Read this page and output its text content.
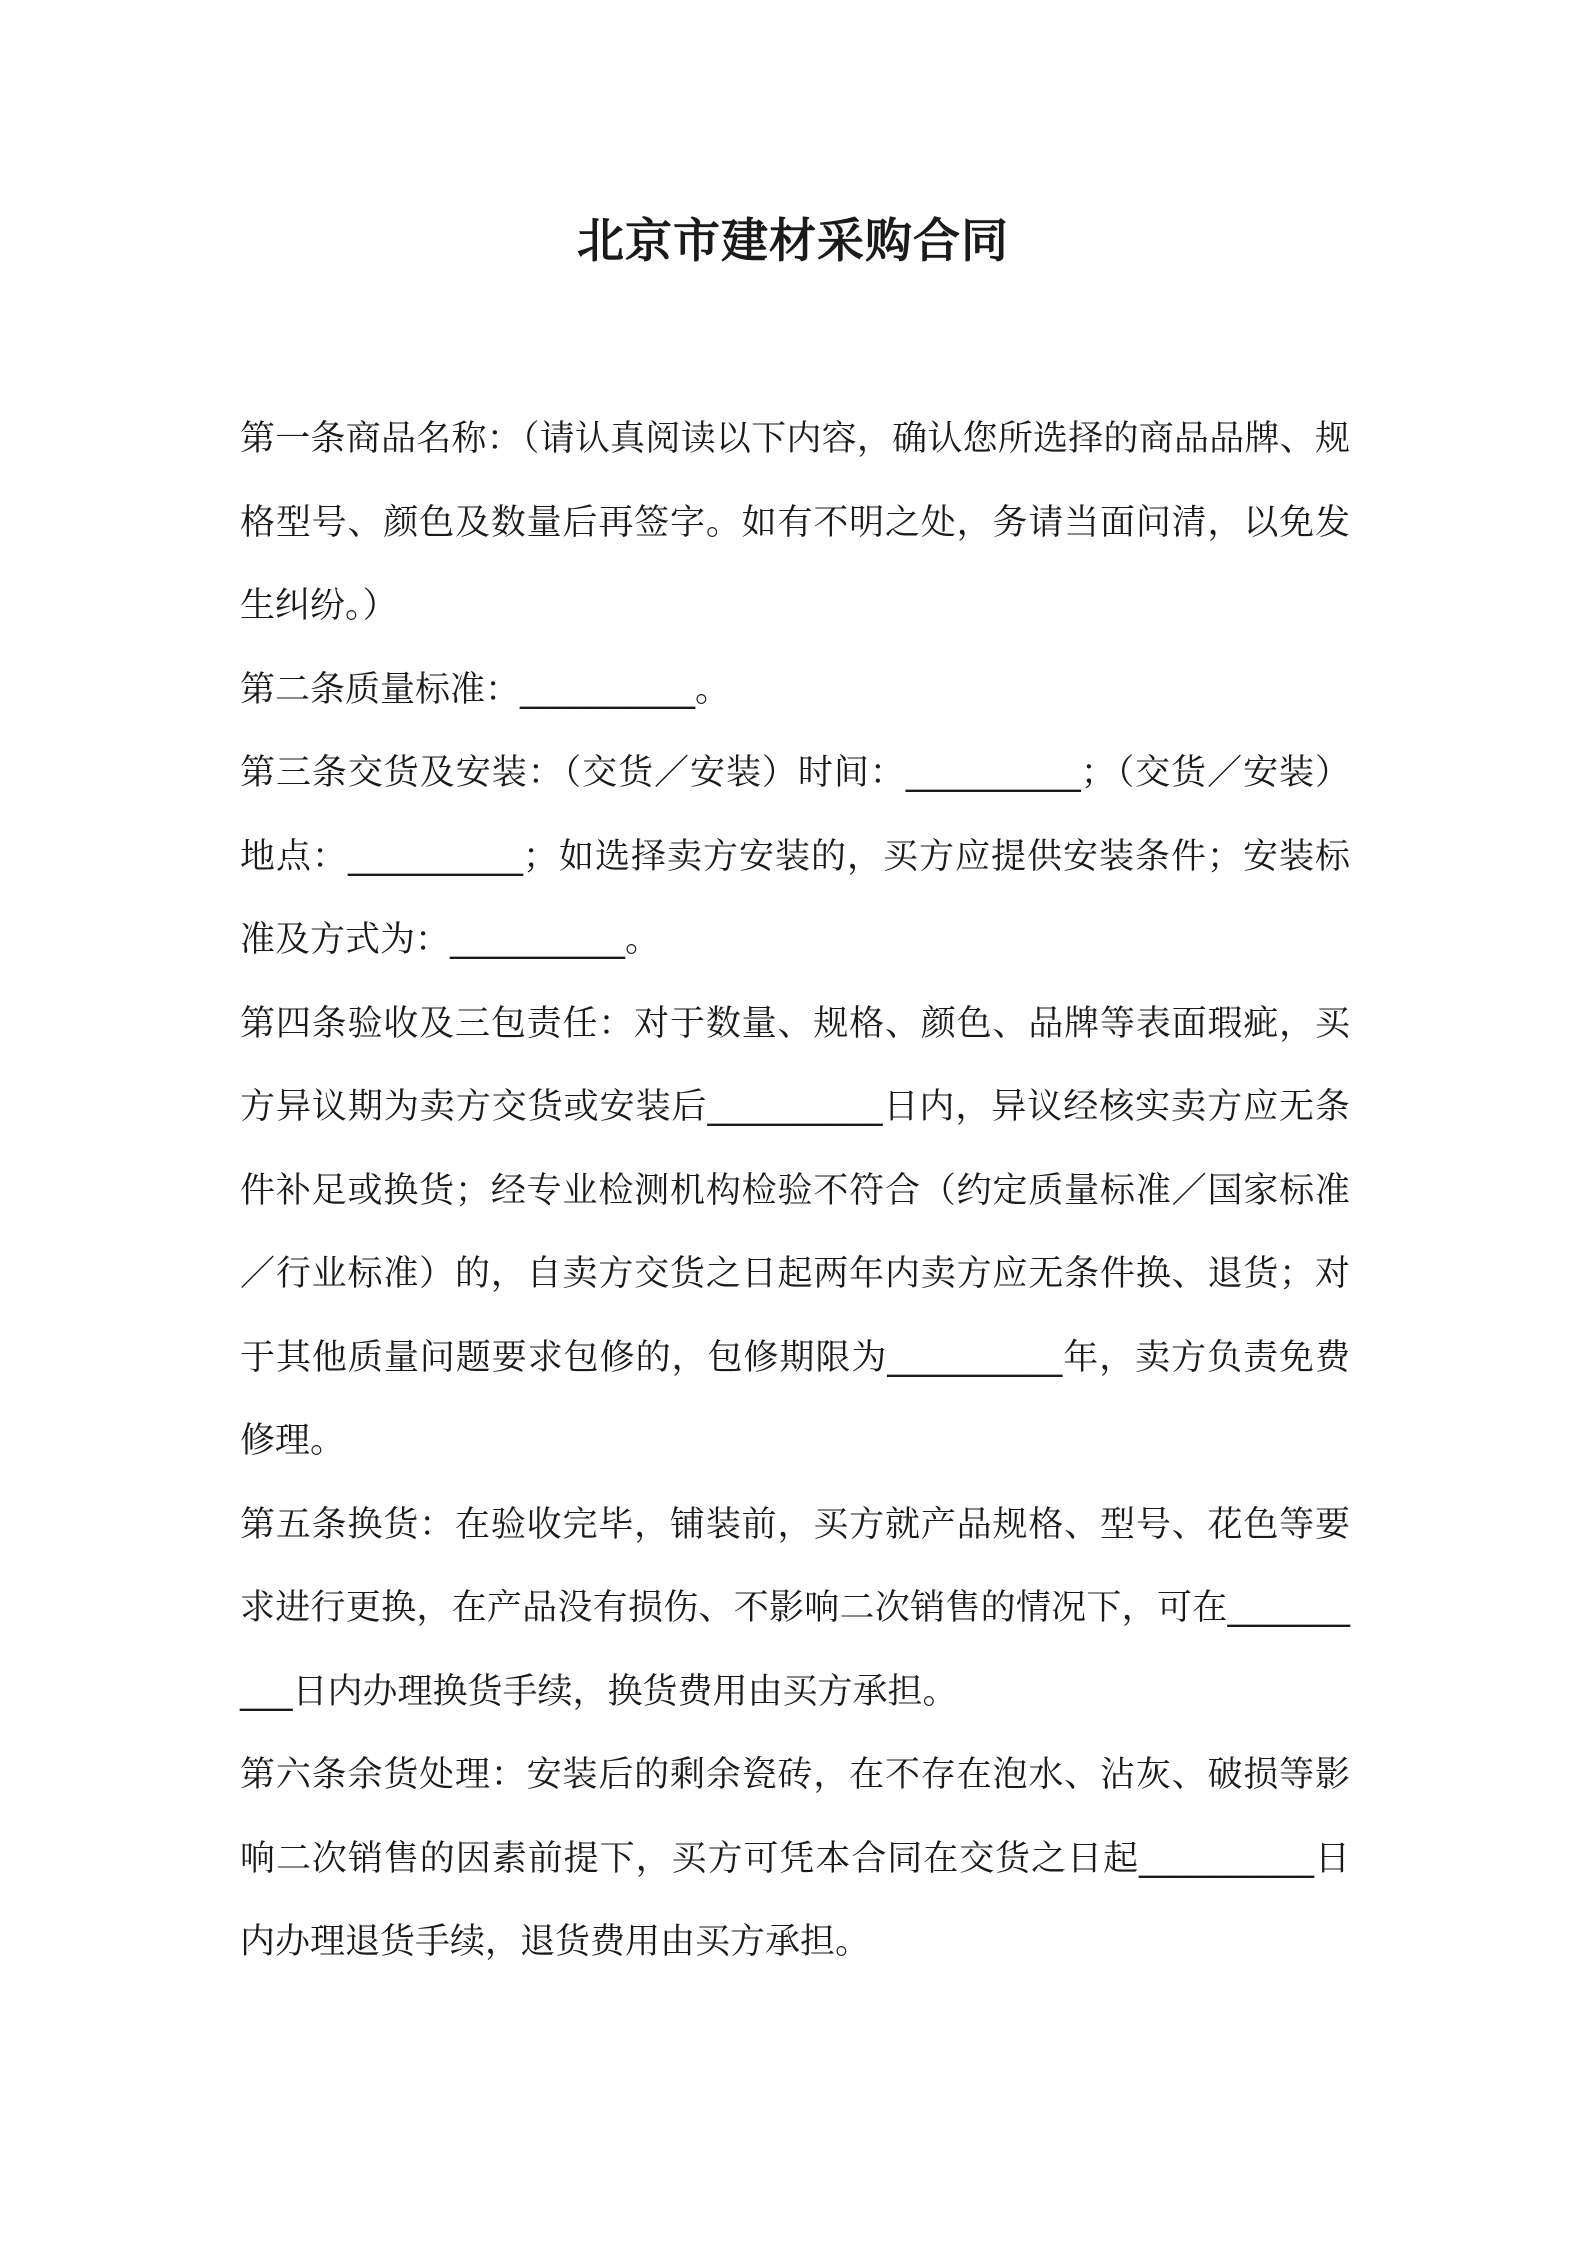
北京市建材采购合同

第一条商品名称：（请认真阅读以下内容，确认您所选择的商品品牌、规格型号、颜色及数量后再签字。如有不明之处，务请当面问清，以免发生纠纷。）

第二条质量标准：__________。

第三条交货及安装：（交货／安装）时间：__________；（交货／安装）地点：__________；如选择卖方安装的，买方应提供安装条件；安装标准及方式为：__________。

第四条验收及三包责任：对于数量、规格、颜色、品牌等表面瑕疵，买方异议期为卖方交货或安装后__________日内，异议经核实卖方应无条件补足或换货；经专业检测机构检验不符合（约定质量标准／国家标准／行业标准）的，自卖方交货之日起两年内卖方应无条件换、退货；对于其他质量问题要求包修的，包修期限为__________年，卖方负责免费修理。

第五条换货：在验收完毕，铺装前，买方就产品规格、型号、花色等要求进行更换，在产品没有损伤、不影响二次销售的情况下，可在__________日内办理换货手续，换货费用由买方承担。

第六条余货处理：安装后的剩余瓷砖，在不存在泡水、沾灰、破损等影响二次销售的因素前提下，买方可凭本合同在交货之日起__________日内办理退货手续，退货费用由买方承担。
